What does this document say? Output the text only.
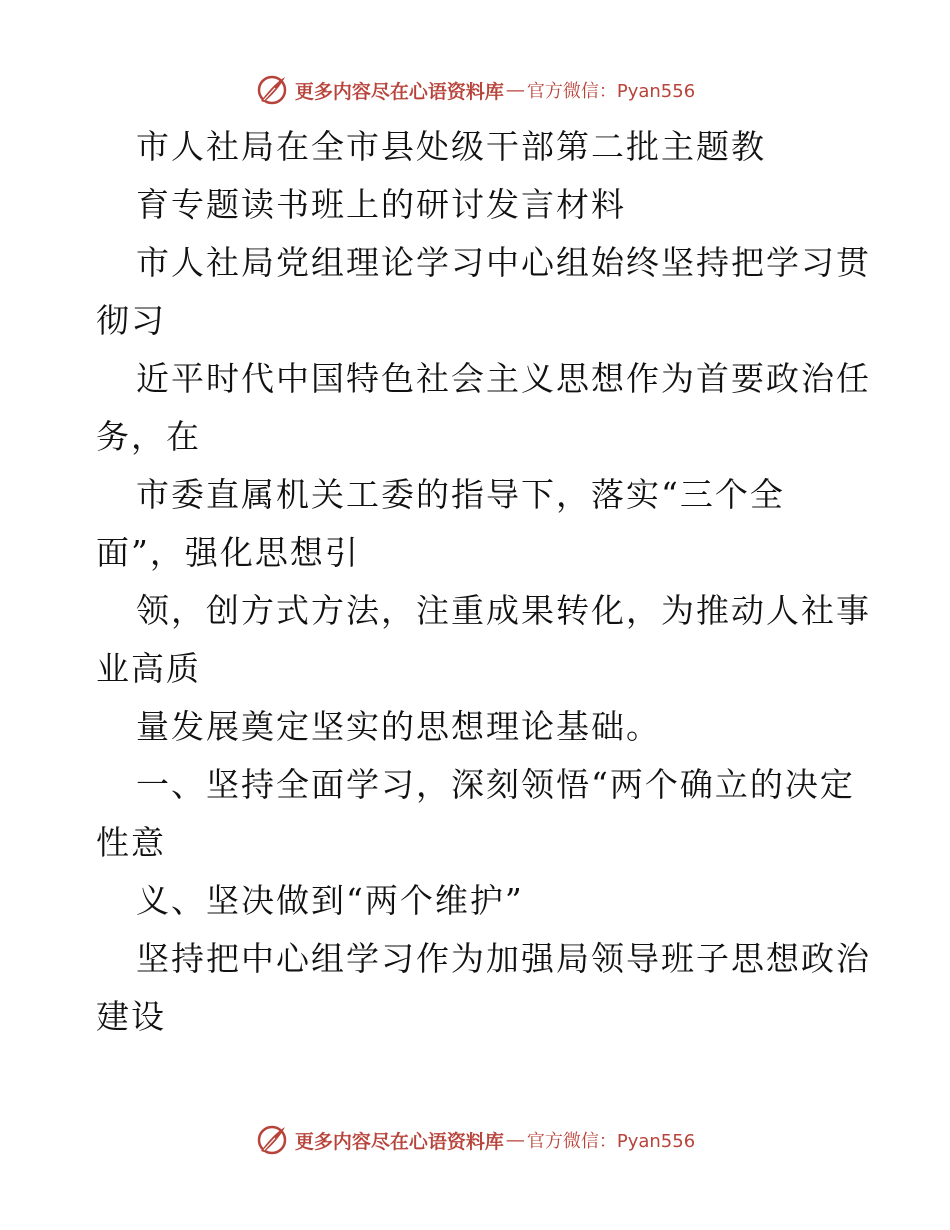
更多内容尽在心语资料库 — 官方微信：Pyan556
市人社局在全市县处级干部第二批主题教
育专题读书班上的研讨发言材料
市人社局党组理论学习中心组始终坚持把学习贯
彻习
近平时代中国特色社会主义思想作为首要政治任
务，在
市委直属机关工委的指导下，落实“三个全
面”，强化思想引
领，创方式方法，注重成果转化，为推动人社事
业高质
量发展奠定坚实的思想理论基础。
一、坚持全面学习，深刻领悟“两个确立的决定
性意
义、坚决做到“两个维护”
坚持把中心组学习作为加强局领导班子思想政治
建设
更多内容尽在心语资料库 — 官方微信：Pyan556
